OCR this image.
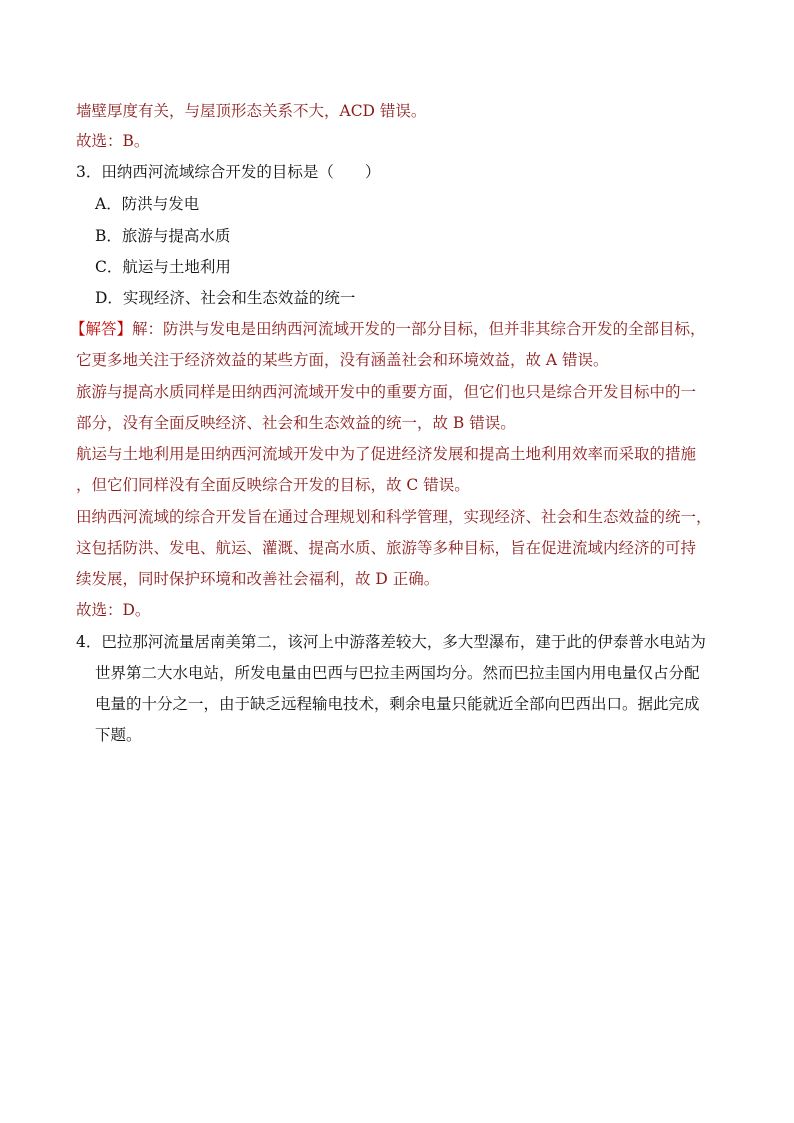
墙壁厚度有关，与屋顶形态关系不大，ACD 错误。
故选：B。
3．田纳西河流域综合开发的目标是（　　）
A．防洪与发电
B．旅游与提高水质
C．航运与土地利用
D．实现经济、社会和生态效益的统一
【解答】解：防洪与发电是田纳西河流域开发的一部分目标，但并非其综合开发的全部目标，
它更多地关注于经济效益的某些方面，没有涵盖社会和环境效益，故 A 错误。
旅游与提高水质同样是田纳西河流域开发中的重要方面，但它们也只是综合开发目标中的一
部分，没有全面反映经济、社会和生态效益的统一，故 B 错误。
航运与土地利用是田纳西河流域开发中为了促进经济发展和提高土地利用效率而采取的措施
，但它们同样没有全面反映综合开发的目标，故 C 错误。
田纳西河流域的综合开发旨在通过合理规划和科学管理，实现经济、社会和生态效益的统一，
这包括防洪、发电、航运、灌溉、提高水质、旅游等多种目标，旨在促进流域内经济的可持
续发展，同时保护环境和改善社会福利，故 D 正确。
故选：D。
4．巴拉那河流量居南美第二，该河上中游落差较大，多大型瀑布，建于此的伊泰普水电站为
世界第二大水电站，所发电量由巴西与巴拉圭两国均分。然而巴拉圭国内用电量仅占分配
电量的十分之一，由于缺乏远程输电技术，剩余电量只能就近全部向巴西出口。据此完成
下题。
